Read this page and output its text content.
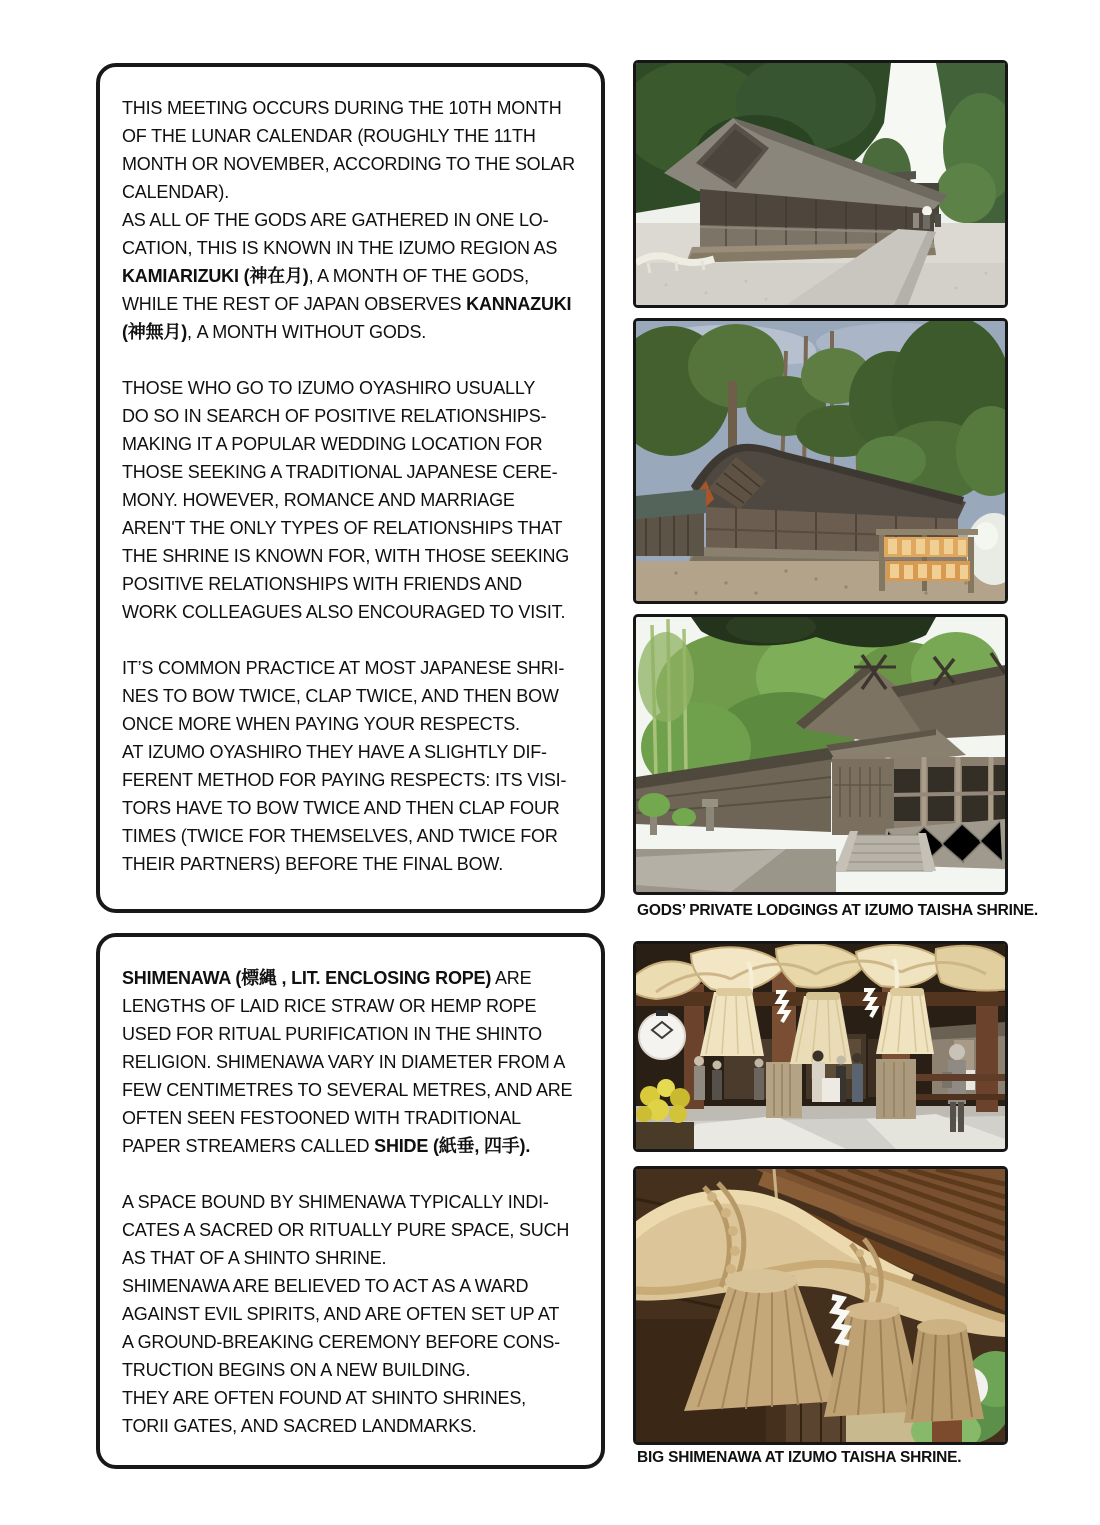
THIS MEETING OCCURS DURING THE 10TH MONTH
OF THE LUNAR CALENDAR (ROUGHLY THE 11TH
MONTH OR NOVEMBER, ACCORDING TO THE SOLAR
CALENDAR).
AS ALL OF THE GODS ARE GATHERED IN ONE LO-
CATION, THIS IS KNOWN IN THE IZUMO REGION AS
KAMIARIZUKI (神在月), A MONTH OF THE GODS,
WHILE THE REST OF JAPAN OBSERVES KANNAZUKI
(神無月), A MONTH WITHOUT GODS.
THOSE WHO GO TO IZUMO OYASHIRO USUALLY
DO SO IN SEARCH OF POSITIVE RELATIONSHIPS-
MAKING IT A POPULAR WEDDING LOCATION FOR
THOSE SEEKING A TRADITIONAL JAPANESE CERE-
MONY. HOWEVER, ROMANCE AND MARRIAGE
AREN'T THE ONLY TYPES OF RELATIONSHIPS THAT
THE SHRINE IS KNOWN FOR, WITH THOSE SEEKING
POSITIVE RELATIONSHIPS WITH FRIENDS AND
WORK COLLEAGUES ALSO ENCOURAGED TO VISIT.
IT’S COMMON PRACTICE AT MOST JAPANESE SHRI-
NES TO BOW TWICE, CLAP TWICE, AND THEN BOW
ONCE MORE WHEN PAYING YOUR RESPECTS.
AT IZUMO OYASHIRO THEY HAVE A SLIGHTLY DIF-
FERENT METHOD FOR PAYING RESPECTS: ITS VISI-
TORS HAVE TO BOW TWICE AND THEN CLAP FOUR
TIMES (TWICE FOR THEMSELVES, AND TWICE FOR
THEIR PARTNERS) BEFORE THE FINAL BOW.
SHIMENAWA (標縄 , LIT. ENCLOSING ROPE) ARE
LENGTHS OF LAID RICE STRAW OR HEMP ROPE
USED FOR RITUAL PURIFICATION IN THE SHINTO
RELIGION. SHIMENAWA VARY IN DIAMETER FROM A
FEW CENTIMETRES TO SEVERAL METRES, AND ARE
OFTEN SEEN FESTOONED WITH TRADITIONAL
PAPER STREAMERS CALLED SHIDE (紙垂, 四手).
A SPACE BOUND BY SHIMENAWA TYPICALLY INDI-
CATES A SACRED OR RITUALLY PURE SPACE, SUCH
AS THAT OF A SHINTO SHRINE.
SHIMENAWA ARE BELIEVED TO ACT AS A WARD
AGAINST EVIL SPIRITS, AND ARE OFTEN SET UP AT
A GROUND-BREAKING CEREMONY BEFORE CONS-
TRUCTION BEGINS ON A NEW BUILDING.
THEY ARE OFTEN FOUND AT SHINTO SHRINES,
TORII GATES, AND SACRED LANDMARKS.
GODS’ PRIVATE LODGINGS AT IZUMO TAISHA SHRINE.
BIG SHIMENAWA AT IZUMO TAISHA SHRINE.
